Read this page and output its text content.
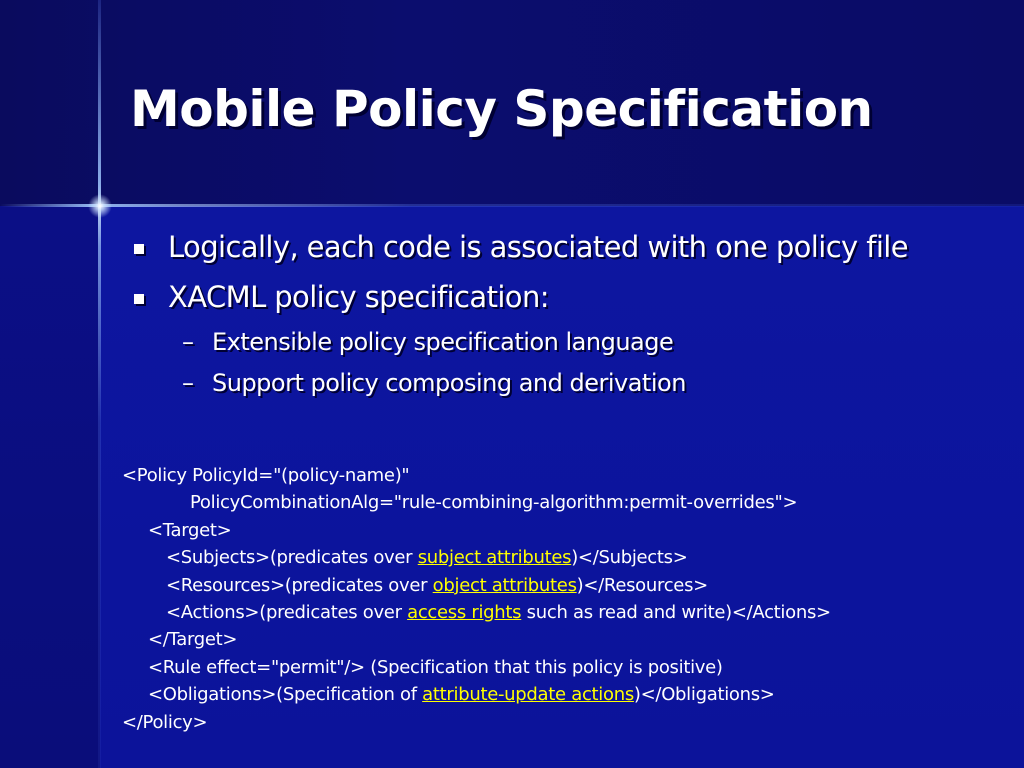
Mobile Policy Specification
Logically, each code is associated with one policy file
XACML policy specification:
– Extensible policy specification language
– Support policy composing and derivation
<Policy PolicyId="(policy-name)"
PolicyCombinationAlg="rule-combining-algorithm:permit-overrides">
<Target>
<Subjects>(predicates over subject attributes)</Subjects>
<Resources>(predicates over object attributes)</Resources>
<Actions>(predicates over access rights such as read and write)</Actions>
</Target>
<Rule effect="permit"/> (Specification that this policy is positive)
<Obligations>(Specification of attribute-update actions)</Obligations>
</Policy>
